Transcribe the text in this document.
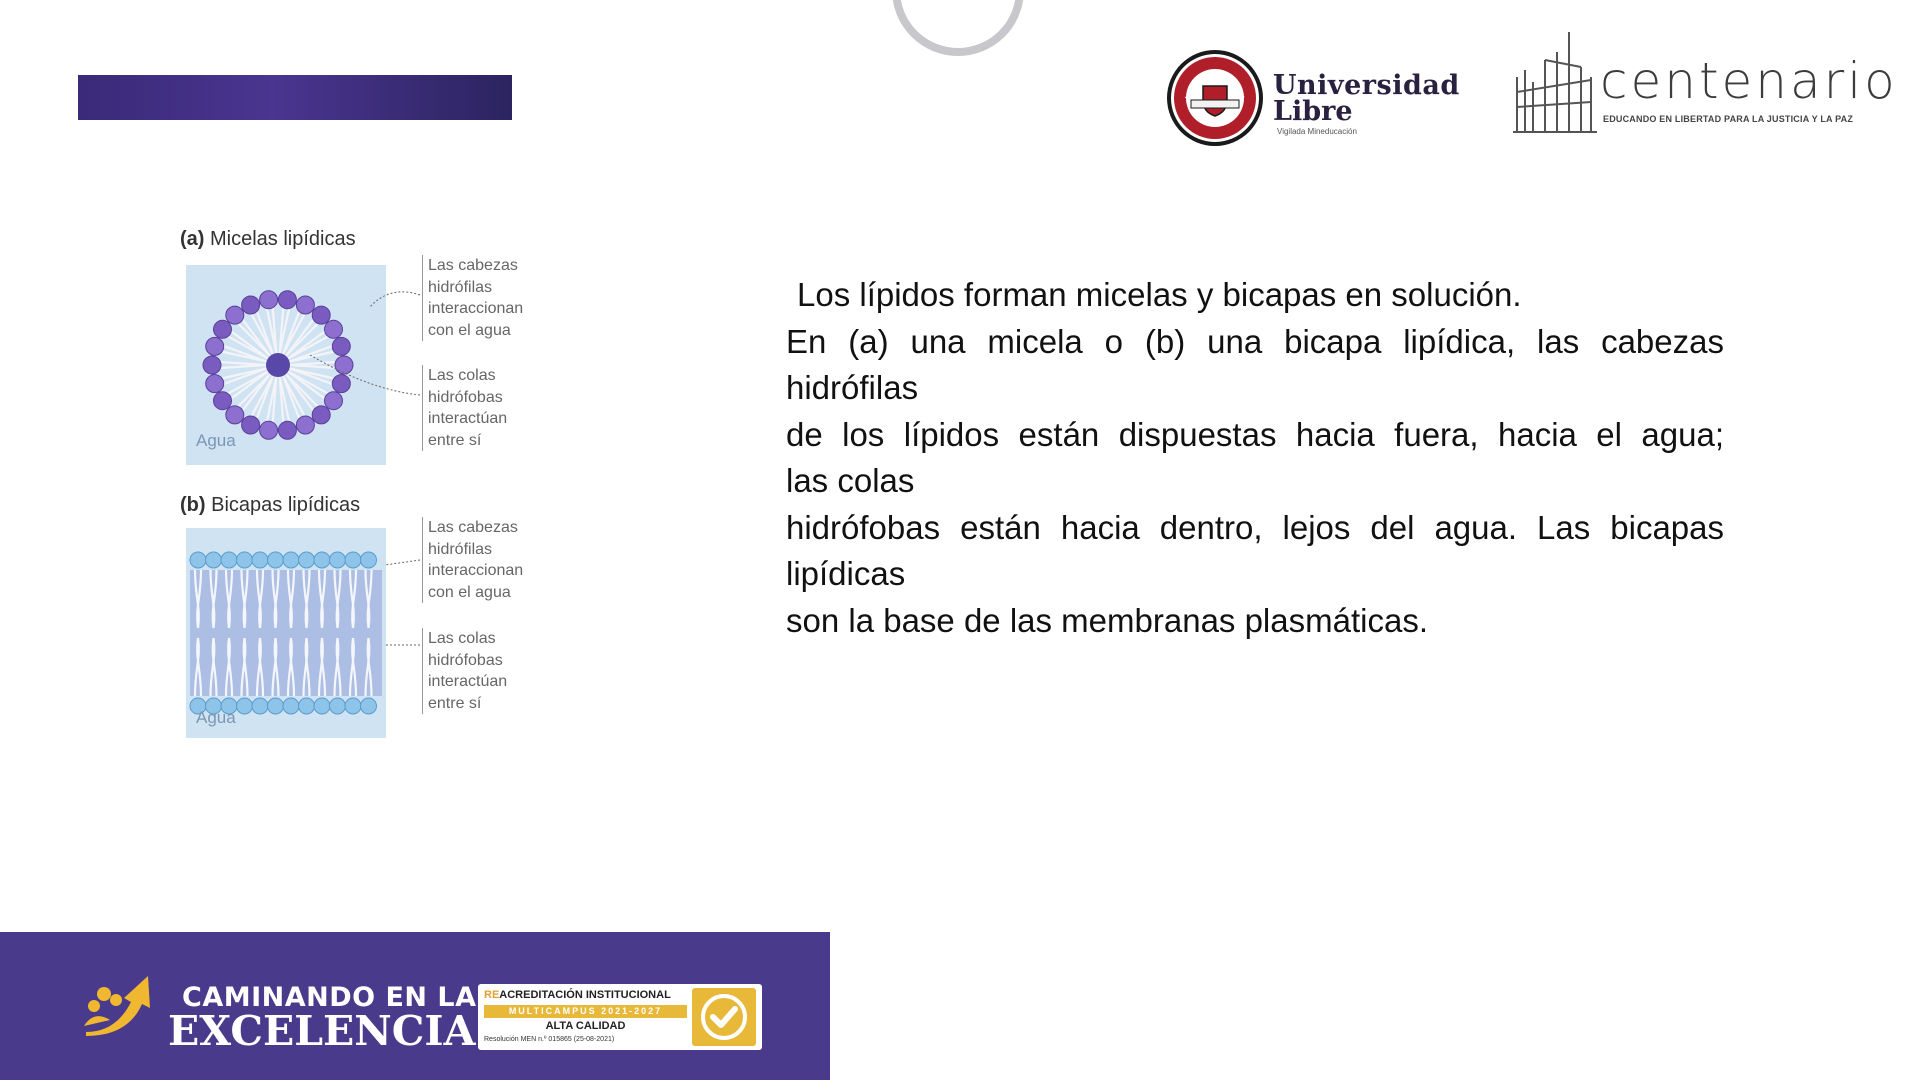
Universidad
Libre
Vigilada Mineducación
centenario
EDUCANDO EN LIBERTAD PARA LA JUSTICIA Y LA PAZ
(a) Micelas lipídicas
Las cabezas
hidrófilas
interaccionan
con el agua
Las colas
hidrófobas
interactúan
entre sí
Agua
(b) Bicapas lipídicas
Las cabezas
hidrófilas
interaccionan
con el agua
Las colas
hidrófobas
interactúan
entre sí
Agua
Los lípidos forman micelas y bicapas en solución.
En (a) una micela o (b) una bicapa lipídica, las cabezas
hidrófilas
de los lípidos están dispuestas hacia fuera, hacia el agua;
las colas
hidrófobas están hacia dentro, lejos del agua. Las bicapas
lipídicas
son la base de las membranas plasmáticas.
CAMINANDO EN LA
EXCELENCIA
REACREDITACIÓN INSTITUCIONAL
MULTICAMPUS 2021-2027
ALTA CALIDAD
Resolución MEN n.º 015865 (25-08-2021)
